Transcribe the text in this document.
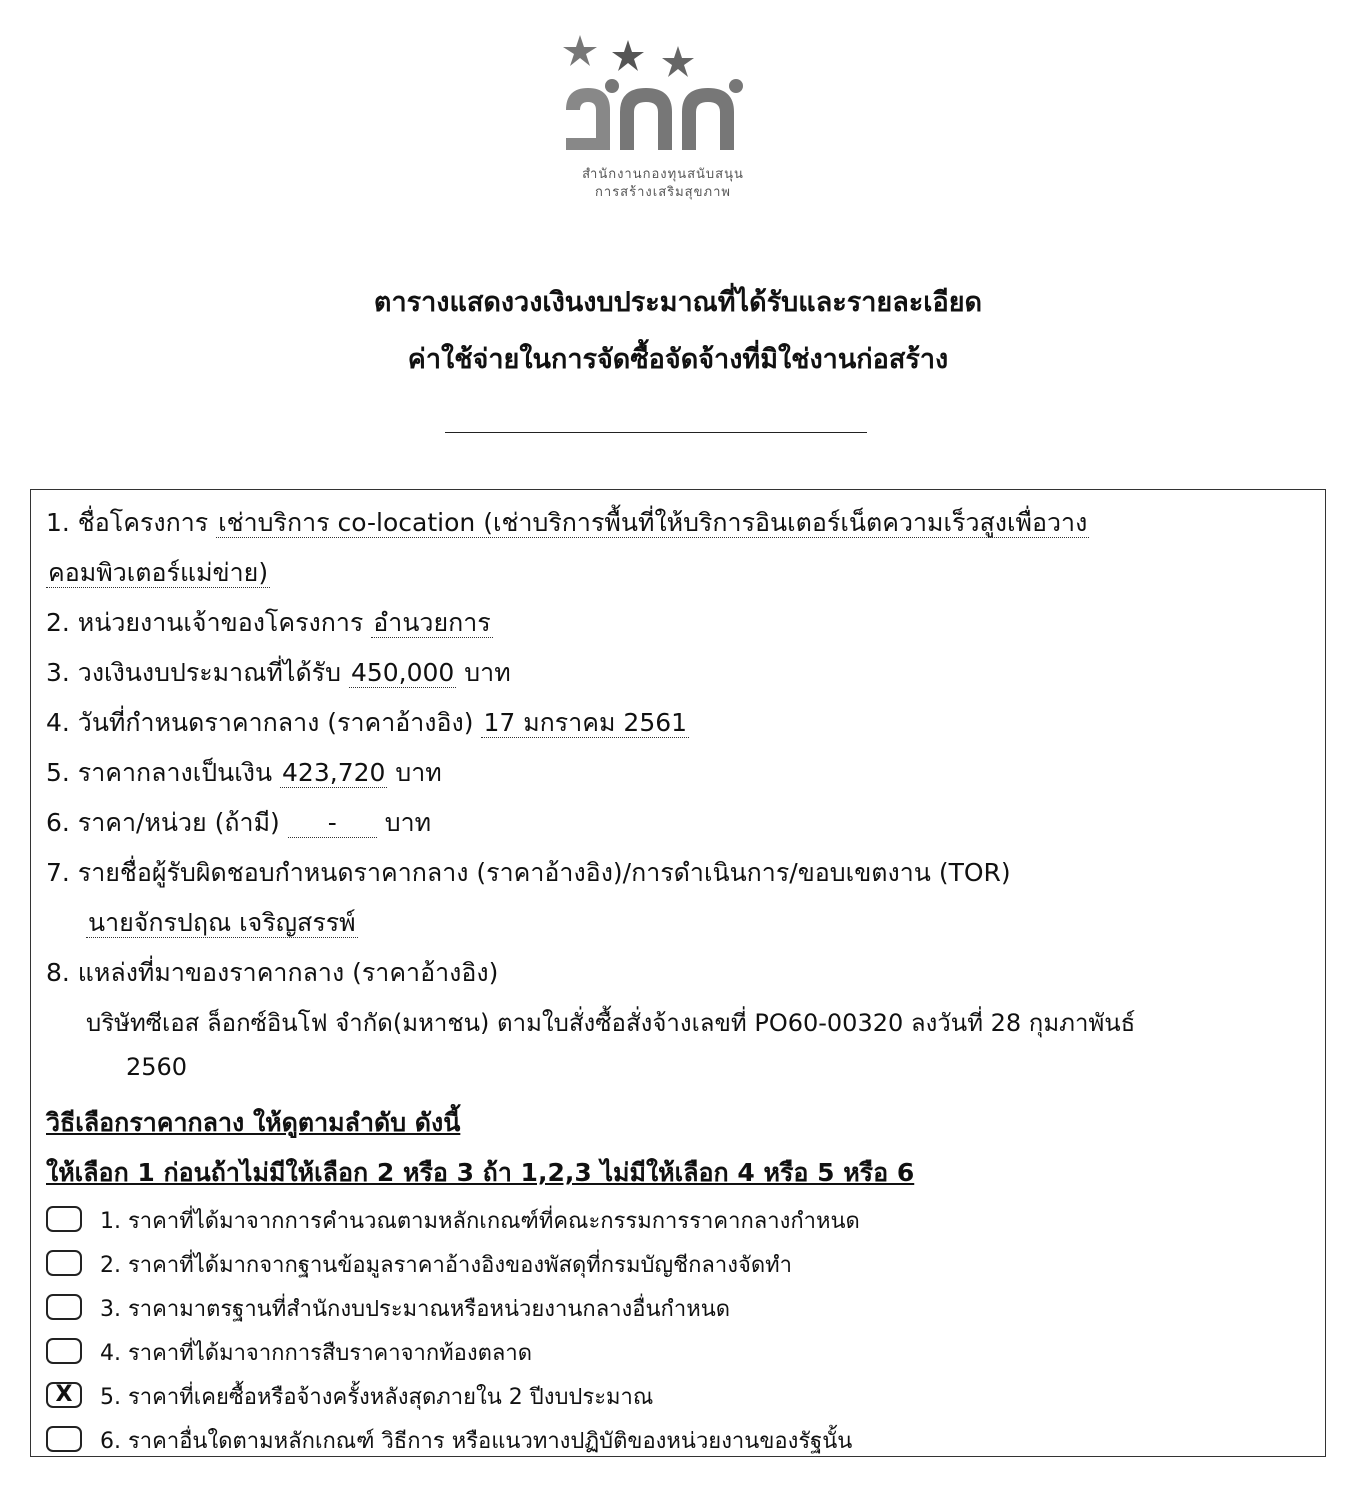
สำนักงานกองทุนสนับสนุน
การสร้างเสริมสุขภาพ
ตารางแสดงวงเงินงบประมาณที่ได้รับและรายละเอียด
ค่าใช้จ่ายในการจัดซื้อจัดจ้างที่มิใช่งานก่อสร้าง
1. ชื่อโครงการ เช่าบริการ co-location (เช่าบริการพื้นที่ให้บริการอินเตอร์เน็ตความเร็วสูงเพื่อวาง
คอมพิวเตอร์แม่ข่าย)
2. หน่วยงานเจ้าของโครงการ อำนวยการ
3. วงเงินงบประมาณที่ได้รับ 450,000 บาท
4. วันที่กำหนดราคากลาง (ราคาอ้างอิง) 17 มกราคม 2561
5. ราคากลางเป็นเงิน 423,720 บาท
6. ราคา/หน่วย (ถ้ามี) - บาท
7. รายชื่อผู้รับผิดชอบกำหนดราคากลาง (ราคาอ้างอิง)/การดำเนินการ/ขอบเขตงาน (TOR)
นายจักรปฤณ เจริญสรรพ์
8. แหล่งที่มาของราคากลาง (ราคาอ้างอิง)
บริษัทซีเอส ล็อกซ์อินโฟ จำกัด(มหาชน) ตามใบสั่งซื้อสั่งจ้างเลขที่ PO60-00320 ลงวันที่ 28 กุมภาพันธ์
2560
วิธีเลือกราคากลาง ให้ดูตามลำดับ ดังนี้
ให้เลือก 1 ก่อนถ้าไม่มีให้เลือก 2 หรือ 3 ถ้า 1,2,3 ไม่มีให้เลือก 4 หรือ 5 หรือ 6
1. ราคาที่ได้มาจากการคำนวณตามหลักเกณฑ์ที่คณะกรรมการราคากลางกำหนด
2. ราคาที่ได้มากจากฐานข้อมูลราคาอ้างอิงของพัสดุที่กรมบัญชีกลางจัดทำ
3. ราคามาตรฐานที่สำนักงบประมาณหรือหน่วยงานกลางอื่นกำหนด
4. ราคาที่ได้มาจากการสืบราคาจากท้องตลาด
X 5. ราคาที่เคยซื้อหรือจ้างครั้งหลังสุดภายใน 2 ปีงบประมาณ
6. ราคาอื่นใดตามหลักเกณฑ์ วิธีการ หรือแนวทางปฏิบัติของหน่วยงานของรัฐนั้น
